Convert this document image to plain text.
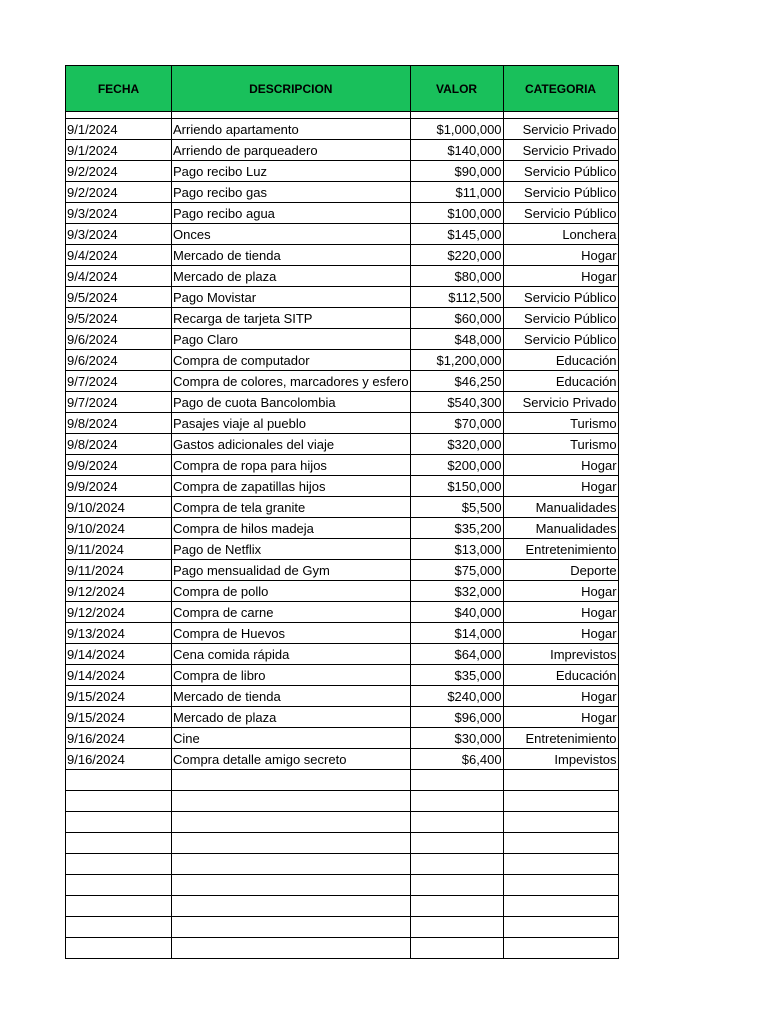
FECHA	DESCRIPCION	VALOR	CATEGORIA

9/1/2024	Arriendo apartamento	$1,000,000	Servicio Privado
9/1/2024	Arriendo de parqueadero	$140,000	Servicio Privado
9/2/2024	Pago recibo Luz	$90,000	Servicio Público
9/2/2024	Pago recibo gas	$11,000	Servicio Público
9/3/2024	Pago recibo agua	$100,000	Servicio Público
9/3/2024	Onces	$145,000	Lonchera
9/4/2024	Mercado de tienda	$220,000	Hogar
9/4/2024	Mercado de plaza	$80,000	Hogar
9/5/2024	Pago Movistar	$112,500	Servicio Público
9/5/2024	Recarga de tarjeta SITP	$60,000	Servicio Público
9/6/2024	Pago Claro	$48,000	Servicio Público
9/6/2024	Compra de computador	$1,200,000	Educación
9/7/2024	Compra de colores, marcadores y esfero	$46,250	Educación
9/7/2024	Pago de cuota Bancolombia	$540,300	Servicio Privado
9/8/2024	Pasajes viaje al pueblo	$70,000	Turismo
9/8/2024	Gastos adicionales del viaje	$320,000	Turismo
9/9/2024	Compra de ropa para hijos	$200,000	Hogar
9/9/2024	Compra de zapatillas hijos	$150,000	Hogar
9/10/2024	Compra de tela granite	$5,500	Manualidades
9/10/2024	Compra de hilos madeja	$35,200	Manualidades
9/11/2024	Pago de Netflix	$13,000	Entretenimiento
9/11/2024	Pago mensualidad de Gym	$75,000	Deporte
9/12/2024	Compra de pollo	$32,000	Hogar
9/12/2024	Compra de carne	$40,000	Hogar
9/13/2024	Compra de Huevos	$14,000	Hogar
9/14/2024	Cena comida rápida	$64,000	Imprevistos
9/14/2024	Compra de libro	$35,000	Educación
9/15/2024	Mercado de tienda	$240,000	Hogar
9/15/2024	Mercado de plaza	$96,000	Hogar
9/16/2024	Cine	$30,000	Entretenimiento
9/16/2024	Compra detalle amigo secreto	$6,400	Impevistos
